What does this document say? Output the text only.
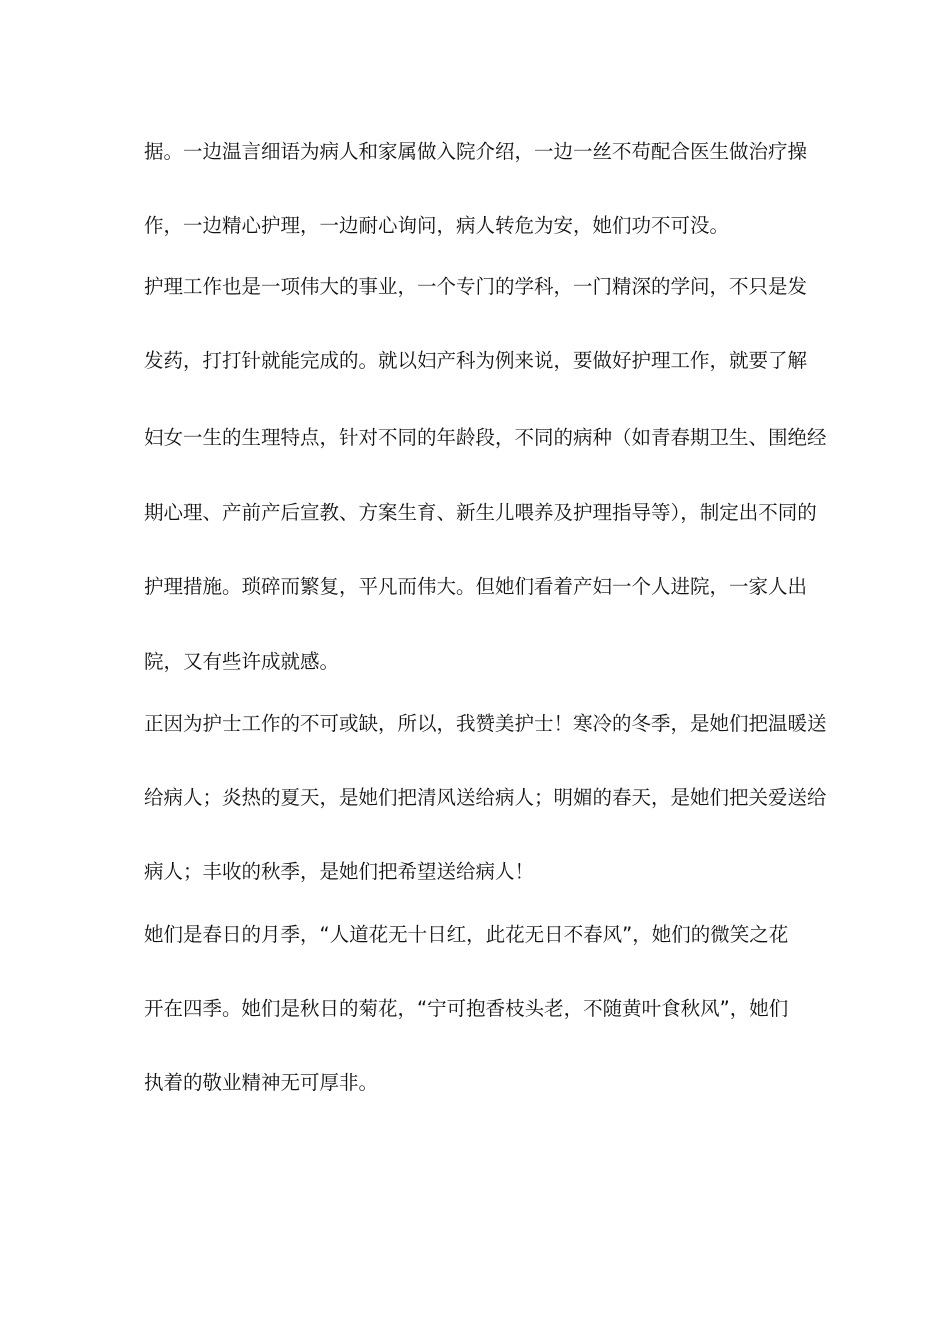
据。一边温言细语为病人和家属做入院介绍，一边一丝不苟配合医生做治疗操
作，一边精心护理，一边耐心询问，病人转危为安，她们功不可没。
护理工作也是一项伟大的事业，一个专门的学科，一门精深的学问，不只是发
发药，打打针就能完成的。就以妇产科为例来说，要做好护理工作，就要了解
妇女一生的生理特点，针对不同的年龄段，不同的病种（如青春期卫生、围绝经
期心理、产前产后宣教、方案生育、新生儿喂养及护理指导等），制定出不同的
护理措施。琐碎而繁复，平凡而伟大。但她们看着产妇一个人进院，一家人出
院，又有些许成就感。
正因为护士工作的不可或缺，所以，我赞美护士！寒冷的冬季，是她们把温暖送
给病人；炎热的夏天，是她们把清风送给病人；明媚的春天，是她们把关爱送给
病人；丰收的秋季，是她们把希望送给病人！
她们是春日的月季，“人道花无十日红，此花无日不春风”，她们的微笑之花
开在四季。她们是秋日的菊花，“宁可抱香枝头老，不随黄叶食秋风”，她们
执着的敬业精神无可厚非。
